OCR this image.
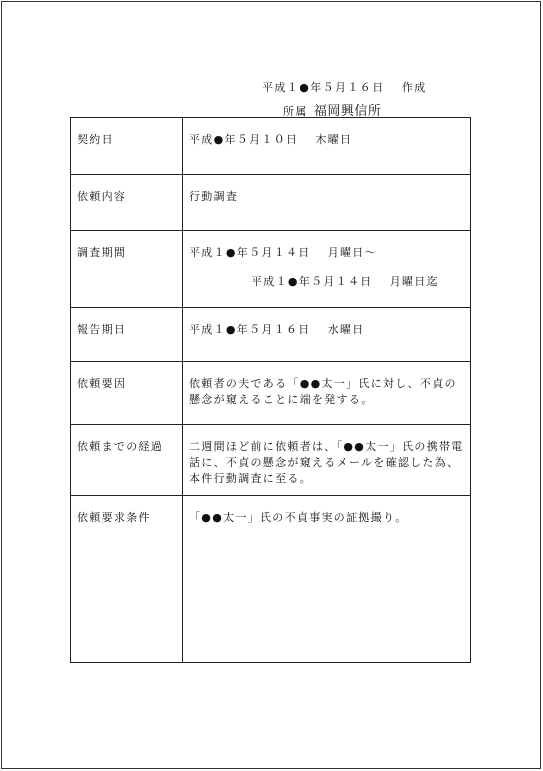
平成１●年５月１６日　 作成
所属 福岡興信所
契約日	平成●年５月１０日　 木曜日
依頼内容	行動調査
調査期間	平成１●年５月１４日　 月曜日～
平成１●年５月１４日　 月曜日迄

報告期日	平成１●年５月１６日　 水曜日
依頼要因	依頼者の夫である「●●太一」氏に対し、不貞の懸念が窺えることに端を発する。
依頼までの経過	二週間ほど前に依頼者は、「●●太一」氏の携帯電話に、不貞の懸念が窺えるメールを確認した為、本件行動調査に至る。
依頼要求条件	「●●太一」氏の不貞事実の証拠撮り。
